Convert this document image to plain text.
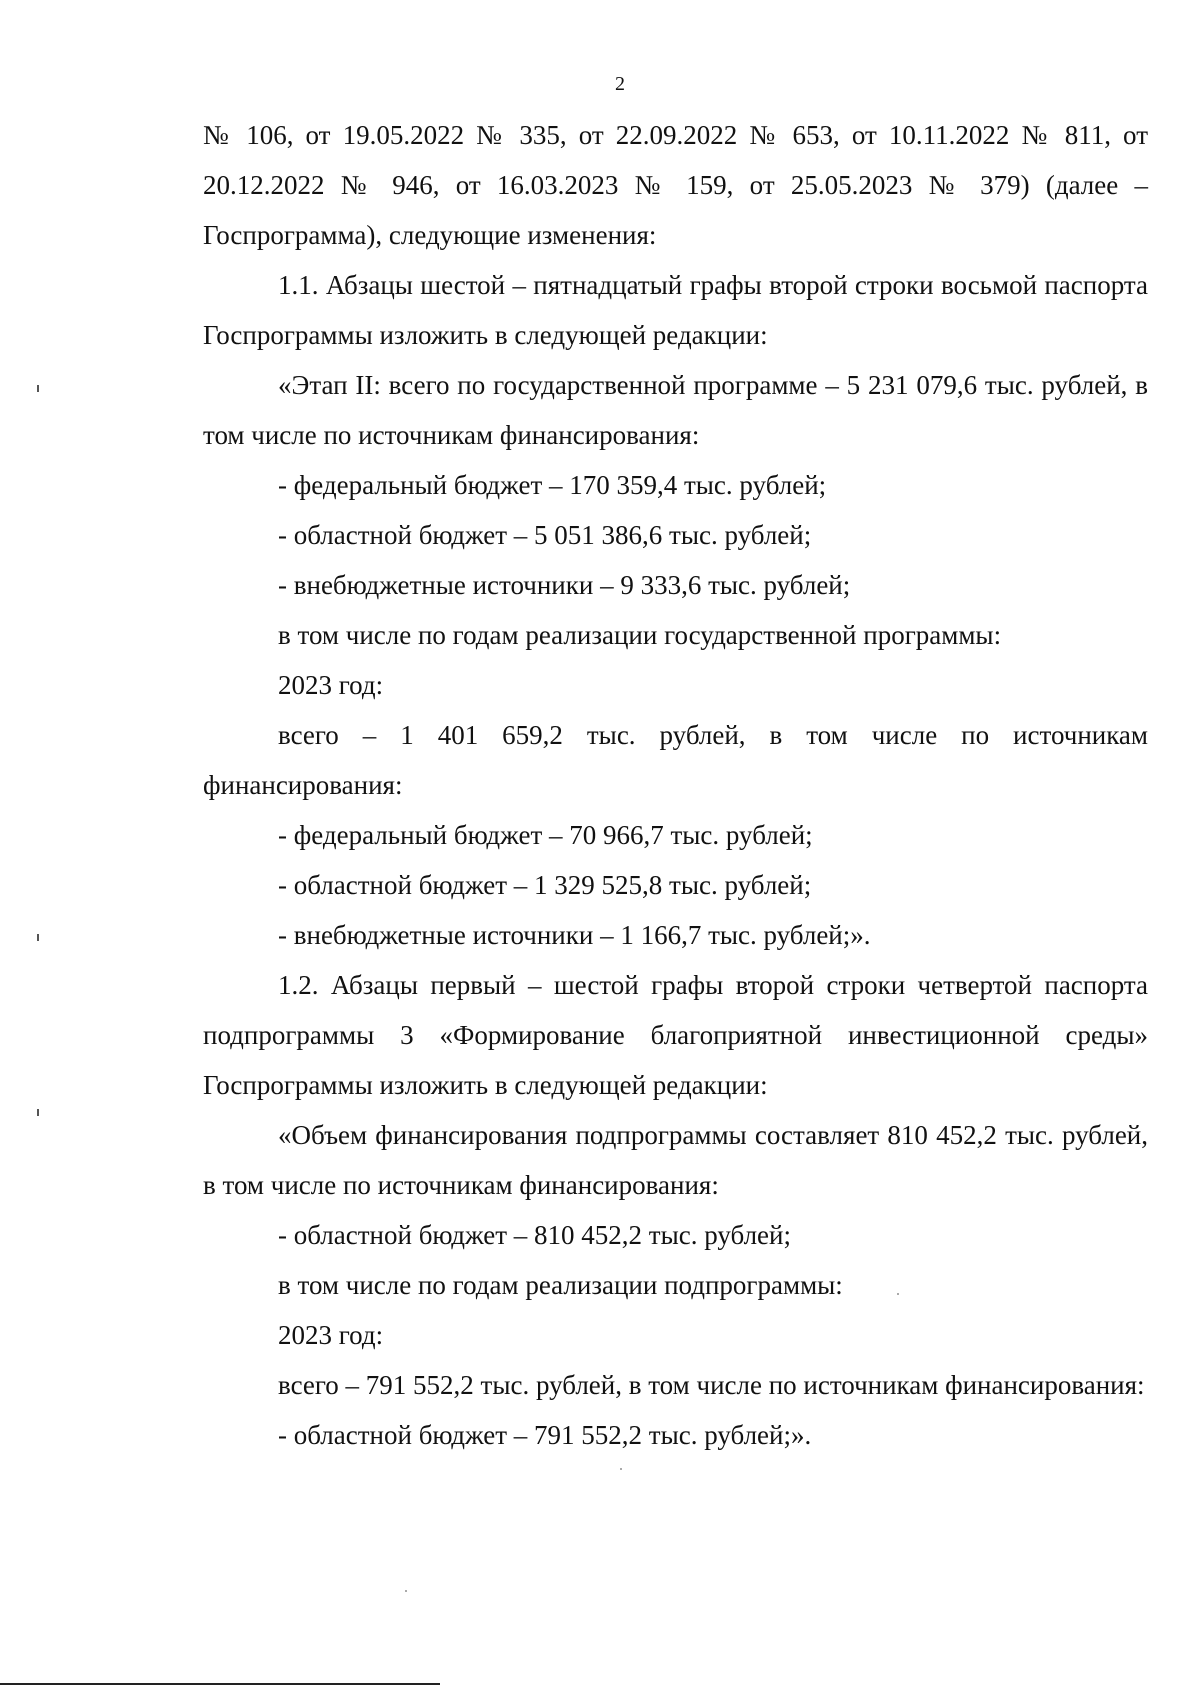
2

№ 106, от 19.05.2022 № 335, от 22.09.2022 № 653, от 10.11.2022 № 811, от 20.12.2022 № 946, от 16.03.2023 № 159, от 25.05.2023 № 379) (далее – Госпрограмма), следующие изменения:

1.1. Абзацы шестой – пятнадцатый графы второй строки восьмой паспорта Госпрограммы изложить в следующей редакции:

«Этап II: всего по государственной программе – 5 231 079,6 тыс. рублей, в том числе по источникам финансирования:

- федеральный бюджет – 170 359,4 тыс. рублей;

- областной бюджет – 5 051 386,6 тыс. рублей;

- внебюджетные источники – 9 333,6 тыс. рублей;

в том числе по годам реализации государственной программы:

2023 год:

всего – 1 401 659,2 тыс. рублей, в том числе по источникам финансирования:

- федеральный бюджет – 70 966,7 тыс. рублей;

- областной бюджет – 1 329 525,8 тыс. рублей;

- внебюджетные источники – 1 166,7 тыс. рублей;».

1.2. Абзацы первый – шестой графы второй строки четвертой паспорта подпрограммы 3 «Формирование благоприятной инвестиционной среды» Госпрограммы изложить в следующей редакции:

«Объем финансирования подпрограммы составляет 810 452,2 тыс. рублей, в том числе по источникам финансирования:

- областной бюджет – 810 452,2 тыс. рублей;

в том числе по годам реализации подпрограммы:

2023 год:

всего – 791 552,2 тыс. рублей, в том числе по источникам финансирования:

- областной бюджет – 791 552,2 тыс. рублей;».
